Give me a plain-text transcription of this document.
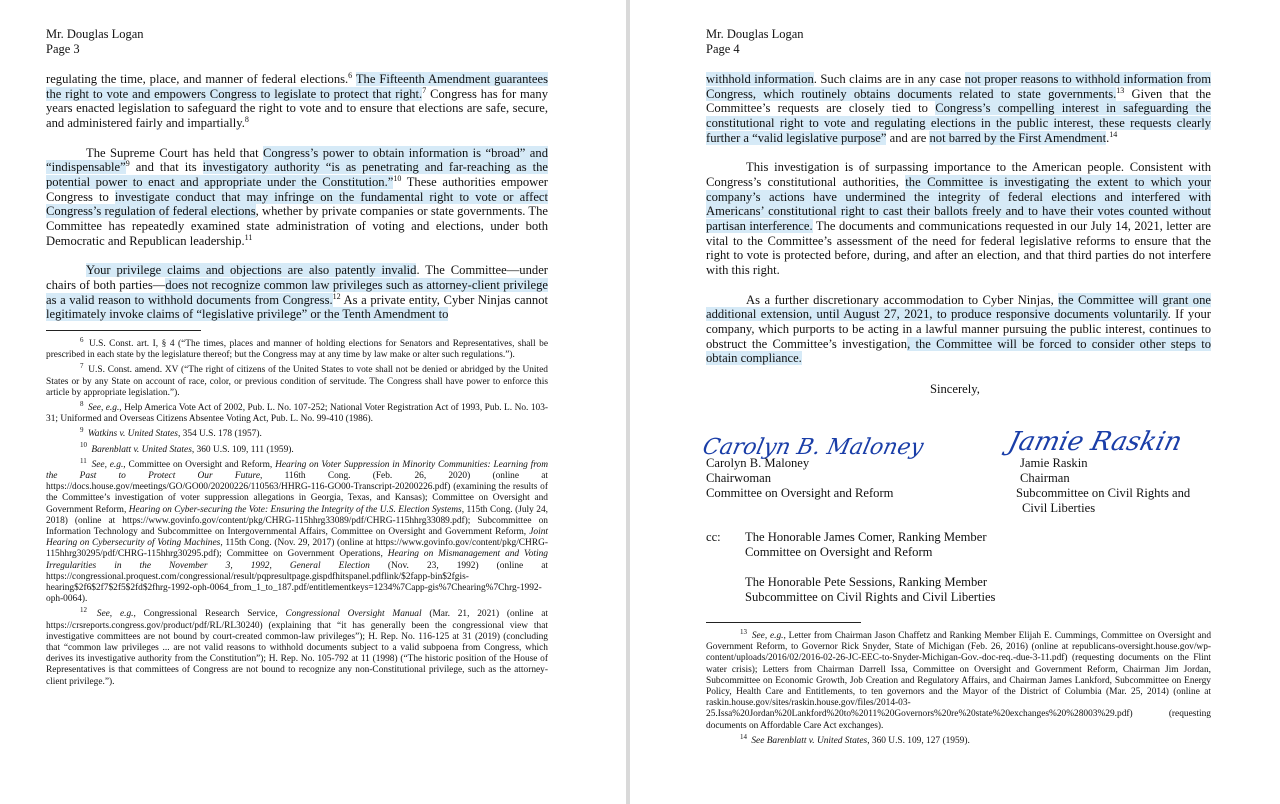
Mr. Douglas Logan
Page 3

regulating the time, place, and manner of federal elections.$^6$ The Fifteenth Amendment guarantees the right to vote and empowers Congress to legislate to protect that right.$^7$ Congress has for many years enacted legislation to safeguard the right to vote and to ensure that elections are safe, secure, and administered fairly and impartially.$^8$

The Supreme Court has held that Congress’s power to obtain information is “broad” and “indispensable”$^9$ and that its investigatory authority “is as penetrating and far-reaching as the potential power to enact and appropriate under the Constitution.”$^{10}$ These authorities empower Congress to investigate conduct that may infringe on the fundamental right to vote or affect Congress’s regulation of federal elections, whether by private companies or state governments. The Committee has repeatedly examined state administration of voting and elections, under both Democratic and Republican leadership.$^{11}$

Your privilege claims and objections are also patently invalid. The Committee—under chairs of both parties—does not recognize common law privileges such as attorney-client privilege as a valid reason to withhold documents from Congress.$^{12}$ As a private entity, Cyber Ninjas cannot legitimately invoke claims of “legislative privilege” or the Tenth Amendment to

$^6$ U.S. Const. art. I, § 4 (“The times, places and manner of holding elections for Senators and Representatives, shall be prescribed in each state by the legislature thereof; but the Congress may at any time by law make or alter such regulations.”).

$^7$ U.S. Const. amend. XV (“The right of citizens of the United States to vote shall not be denied or abridged by the United States or by any State on account of race, color, or previous condition of servitude. The Congress shall have power to enforce this article by appropriate legislation.”).

$^8$ See, e.g., Help America Vote Act of 2002, Pub. L. No. 107-252; National Voter Registration Act of 1993, Pub. L. No. 103-31; Uniformed and Overseas Citizens Absentee Voting Act, Pub. L. No. 99-410 (1986).

$^9$ Watkins v. United States, 354 U.S. 178 (1957).

$^{10}$ Barenblatt v. United States, 360 U.S. 109, 111 (1959).

$^{11}$ See, e.g., Committee on Oversight and Reform, Hearing on Voter Suppression in Minority Communities: Learning from the Past to Protect Our Future, 116th Cong. (Feb. 26, 2020) (online at https://docs.house.gov/meetings/GO/GO00/20200226/110563/HHRG-116-GO00-Transcript-20200226.pdf) (examining the results of the Committee’s investigation of voter suppression allegations in Georgia, Texas, and Kansas); Committee on Oversight and Government Reform, Hearing on Cyber-securing the Vote: Ensuring the Integrity of the U.S. Election Systems, 115th Cong. (July 24, 2018) (online at https://www.govinfo.gov/content/pkg/CHRG-115hhrg33089/pdf/CHRG-115hhrg33089.pdf); Subcommittee on Information Technology and Subcommittee on Intergovernmental Affairs, Committee on Oversight and Government Reform, Joint Hearing on Cybersecurity of Voting Machines, 115th Cong. (Nov. 29, 2017) (online at https://www.govinfo.gov/content/pkg/CHRG-115hhrg30295/pdf/CHRG-115hhrg30295.pdf); Committee on Government Operations, Hearing on Mismanagement and Voting Irregularities in the November 3, 1992, General Election (Nov. 23, 1992) (online at https://congressional.proquest.com/congressional/result/pqpresultpage.gispdfhitspanel.pdflink/$2fapp-bin$2fgis-hearing$2f6$2f7$2f5$2fd$2fhrg-1992-oph-0064_from_1_to_187.pdf/entitlementkeys=1234%7Capp-gis%7Chearing%7Chrg-1992-oph-0064).

$^{12}$ See, e.g., Congressional Research Service, Congressional Oversight Manual (Mar. 21, 2021) (online at https://crsreports.congress.gov/product/pdf/RL/RL30240) (explaining that “it has generally been the congressional view that investigative committees are not bound by court-created common-law privileges”); H. Rep. No. 116-125 at 31 (2019) (concluding that “common law privileges ... are not valid reasons to withhold documents subject to a valid subpoena from Congress, which derives its investigative authority from the Constitution”); H. Rep. No. 105-792 at 11 (1998) (“The historic position of the House of Representatives is that committees of Congress are not bound to recognize any non-Constitutional privilege, such as the attorney-client privilege.”).

Mr. Douglas Logan
Page 4

withhold information. Such claims are in any case not proper reasons to withhold information from Congress, which routinely obtains documents related to state governments.$^{13}$ Given that the Committee’s requests are closely tied to Congress’s compelling interest in safeguarding the constitutional right to vote and regulating elections in the public interest, these requests clearly further a “valid legislative purpose” and are not barred by the First Amendment.$^{14}$

This investigation is of surpassing importance to the American people. Consistent with Congress’s constitutional authorities, the Committee is investigating the extent to which your company’s actions have undermined the integrity of federal elections and interfered with Americans’ constitutional right to cast their ballots freely and to have their votes counted without partisan interference. The documents and communications requested in our July 14, 2021, letter are vital to the Committee’s assessment of the need for federal legislative reforms to ensure that the right to vote is protected before, during, and after an election, and that third parties do not interfere with this right.

As a further discretionary accommodation to Cyber Ninjas, the Committee will grant one additional extension, until August 27, 2021, to produce responsive documents voluntarily. If your company, which purports to be acting in a lawful manner pursuing the public interest, continues to obstruct the Committee’s investigation, the Committee will be forced to consider other steps to obtain compliance.

Sincerely,
Carolyn B. Maloney	Jamie Raskin
Carolyn B. Maloney
Chairwoman
Committee on Oversight and Reform
Jamie Raskin
Chairman
Subcommittee on Civil Rights and
Civil Liberties
cc: The Honorable James Comer, Ranking Member
Committee on Oversight and Reform
The Honorable Pete Sessions, Ranking Member
Subcommittee on Civil Rights and Civil Liberties

$^{13}$ See, e.g., Letter from Chairman Jason Chaffetz and Ranking Member Elijah E. Cummings, Committee on Oversight and Government Reform, to Governor Rick Snyder, State of Michigan (Feb. 26, 2016) (online at republicans-oversight.house.gov/wp-content/uploads/2016/02/2016-02-26-JC-EEC-to-Snyder-Michigan-Gov.-doc-req.-due-3-11.pdf) (requesting documents on the Flint water crisis); Letters from Chairman Darrell Issa, Committee on Oversight and Government Reform, Chairman Jim Jordan, Subcommittee on Economic Growth, Job Creation and Regulatory Affairs, and Chairman James Lankford, Subcommittee on Energy Policy, Health Care and Entitlements, to ten governors and the Mayor of the District of Columbia (Mar. 25, 2014) (online at raskin.house.gov/sites/raskin.house.gov/files/2014-03-25.Issa%20Jordan%20Lankford%20to%2011%20Governors%20re%20state%20exchanges%20%28003%29.pdf) (requesting documents on Affordable Care Act exchanges).

$^{14}$ See Barenblatt v. United States, 360 U.S. 109, 127 (1959).
